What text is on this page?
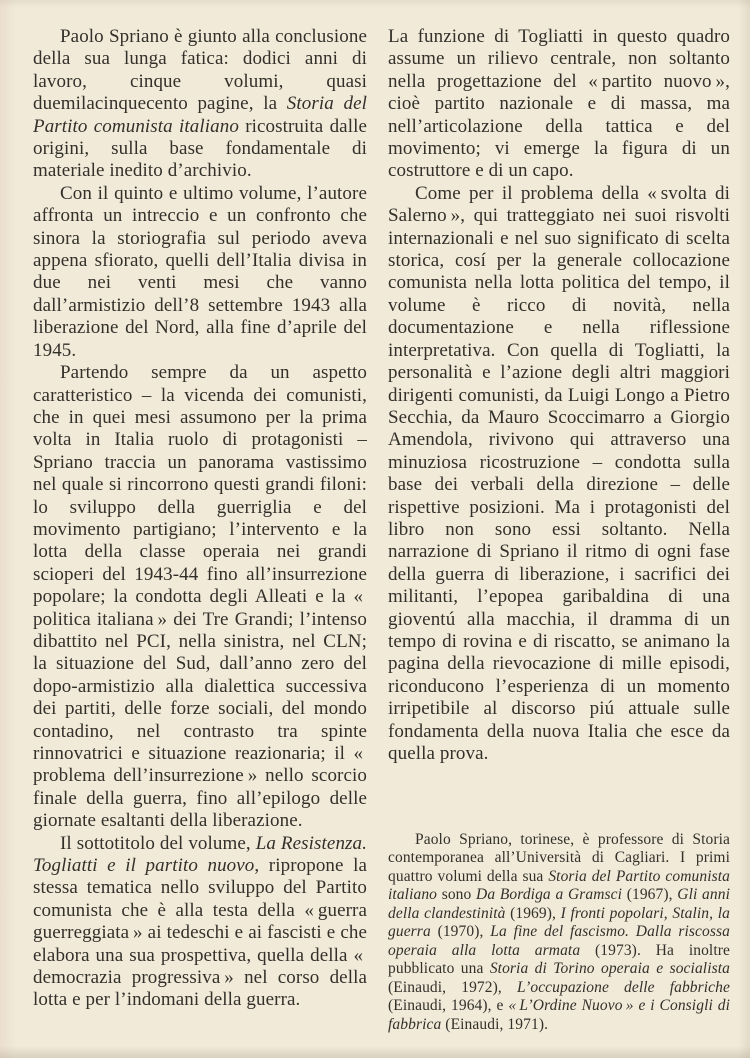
Paolo Spriano è giunto alla conclusione della sua lunga fatica: dodici anni di lavoro, cinque volumi, quasi duemilacinquecento pagine, la Storia del Partito comunista italiano ricostruita dalle origini, sulla base fondamentale di materiale inedito d’archivio.

Con il quinto e ultimo volume, l’autore affronta un intreccio e un confronto che sinora la storiografia sul periodo aveva appena sfiorato, quelli dell’Italia divisa in due nei venti mesi che vanno dall’armistizio dell’8 settembre 1943 alla liberazione del Nord, alla fine d’aprile del 1945.

Partendo sempre da un aspetto caratteristico – la vicenda dei comunisti, che in quei mesi assumono per la prima volta in Italia ruolo di protagonisti – Spriano traccia un panorama vastissimo nel quale si rincorrono questi grandi filoni: lo sviluppo della guerriglia e del movimento partigiano; l’intervento e la lotta della classe operaia nei grandi scioperi del 1943-44 fino all’insurrezione popolare; la condotta degli Alleati e la « politica italiana » dei Tre Grandi; l’intenso dibattito nel PCI, nella sinistra, nel CLN; la situazione del Sud, dall’anno zero del dopo-armistizio alla dialettica successiva dei partiti, delle forze sociali, del mondo contadino, nel contrasto tra spinte rinnovatrici e situazione reazionaria; il « problema dell’insurrezione » nello scorcio finale della guerra, fino all’epilogo delle giornate esaltanti della liberazione.

Il sottotitolo del volume, La Resistenza. Togliatti e il partito nuovo, ripropone la stessa tematica nello sviluppo del Partito comunista che è alla testa della « guerra guerreggiata » ai tedeschi e ai fascisti e che elabora una sua prospettiva, quella della « democrazia progressiva » nel corso della lotta e per l’indomani della guerra.

La funzione di Togliatti in questo quadro assume un rilievo centrale, non soltanto nella progettazione del « partito nuovo », cioè partito nazionale e di massa, ma nell’articolazione della tattica e del movimento; vi emerge la figura di un costruttore e di un capo.

Come per il problema della « svolta di Salerno », qui tratteggiato nei suoi risvolti internazionali e nel suo significato di scelta storica, cosí per la generale collocazione comunista nella lotta politica del tempo, il volume è ricco di novità, nella documentazione e nella riflessione interpretativa. Con quella di Togliatti, la personalità e l’azione degli altri maggiori dirigenti comunisti, da Luigi Longo a Pietro Secchia, da Mauro Scoccimarro a Giorgio Amendola, rivivono qui attraverso una minuziosa ricostruzione – condotta sulla base dei verbali della direzione – delle rispettive posizioni. Ma i protagonisti del libro non sono essi soltanto. Nella narrazione di Spriano il ritmo di ogni fase della guerra di liberazione, i sacrifici dei militanti, l’epopea garibaldina di una gioventú alla macchia, il dramma di un tempo di rovina e di riscatto, se animano la pagina della rievocazione di mille episodi, riconducono l’esperienza di un momento irripetibile al discorso piú attuale sulle fondamenta della nuova Italia che esce da quella prova.

Paolo Spriano, torinese, è professore di Storia contemporanea all’Università di Cagliari. I primi quattro volumi della sua Storia del Partito comunista italiano sono Da Bordiga a Gramsci (1967), Gli anni della clandestinità (1969), I fronti popolari, Stalin, la guerra (1970), La fine del fascismo. Dalla riscossa operaia alla lotta armata (1973). Ha inoltre pubblicato una Storia di Torino operaia e socialista (Einaudi, 1972), L’occupazione delle fabbriche (Einaudi, 1964), e « L’Ordine Nuovo » e i Consigli di fabbrica (Einaudi, 1971).
